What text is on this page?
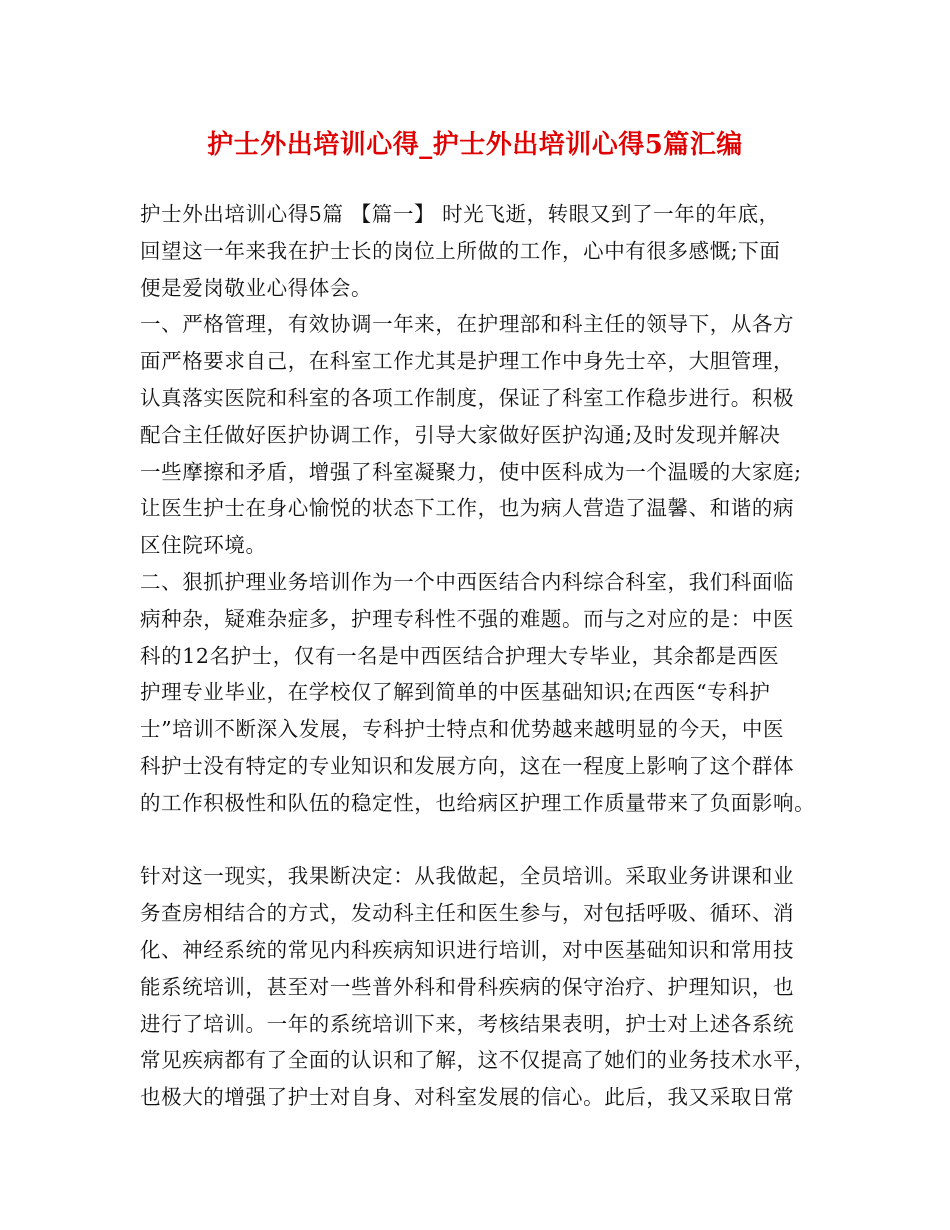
护士外出培训心得_护士外出培训心得5篇汇编
护士外出培训心得5篇 【篇一】 时光飞逝，转眼又到了一年的年底，
回望这一年来我在护士长的岗位上所做的工作，心中有很多感慨;下面
便是爱岗敬业心得体会。
一、严格管理，有效协调一年来，在护理部和科主任的领导下，从各方
面严格要求自己，在科室工作尤其是护理工作中身先士卒，大胆管理，
认真落实医院和科室的各项工作制度，保证了科室工作稳步进行。积极
配合主任做好医护协调工作，引导大家做好医护沟通;及时发现并解决
一些摩擦和矛盾，增强了科室凝聚力，使中医科成为一个温暖的大家庭;
让医生护士在身心愉悦的状态下工作，也为病人营造了温馨、和谐的病
区住院环境。
二、狠抓护理业务培训作为一个中西医结合内科综合科室，我们科面临
病种杂，疑难杂症多，护理专科性不强的难题。而与之对应的是：中医
科的12名护士，仅有一名是中西医结合护理大专毕业，其余都是西医
护理专业毕业，在学校仅了解到简单的中医基础知识;在西医“专科护
士”培训不断深入发展，专科护士特点和优势越来越明显的今天，中医
科护士没有特定的专业知识和发展方向，这在一程度上影响了这个群体
的工作积极性和队伍的稳定性，也给病区护理工作质量带来了负面影响。
针对这一现实，我果断决定：从我做起，全员培训。采取业务讲课和业
务查房相结合的方式，发动科主任和医生参与，对包括呼吸、循环、消
化、神经系统的常见内科疾病知识进行培训，对中医基础知识和常用技
能系统培训，甚至对一些普外科和骨科疾病的保守治疗、护理知识，也
进行了培训。一年的系统培训下来，考核结果表明，护士对上述各系统
常见疾病都有了全面的认识和了解，这不仅提高了她们的业务技术水平，
也极大的增强了护士对自身、对科室发展的信心。此后，我又采取日常
